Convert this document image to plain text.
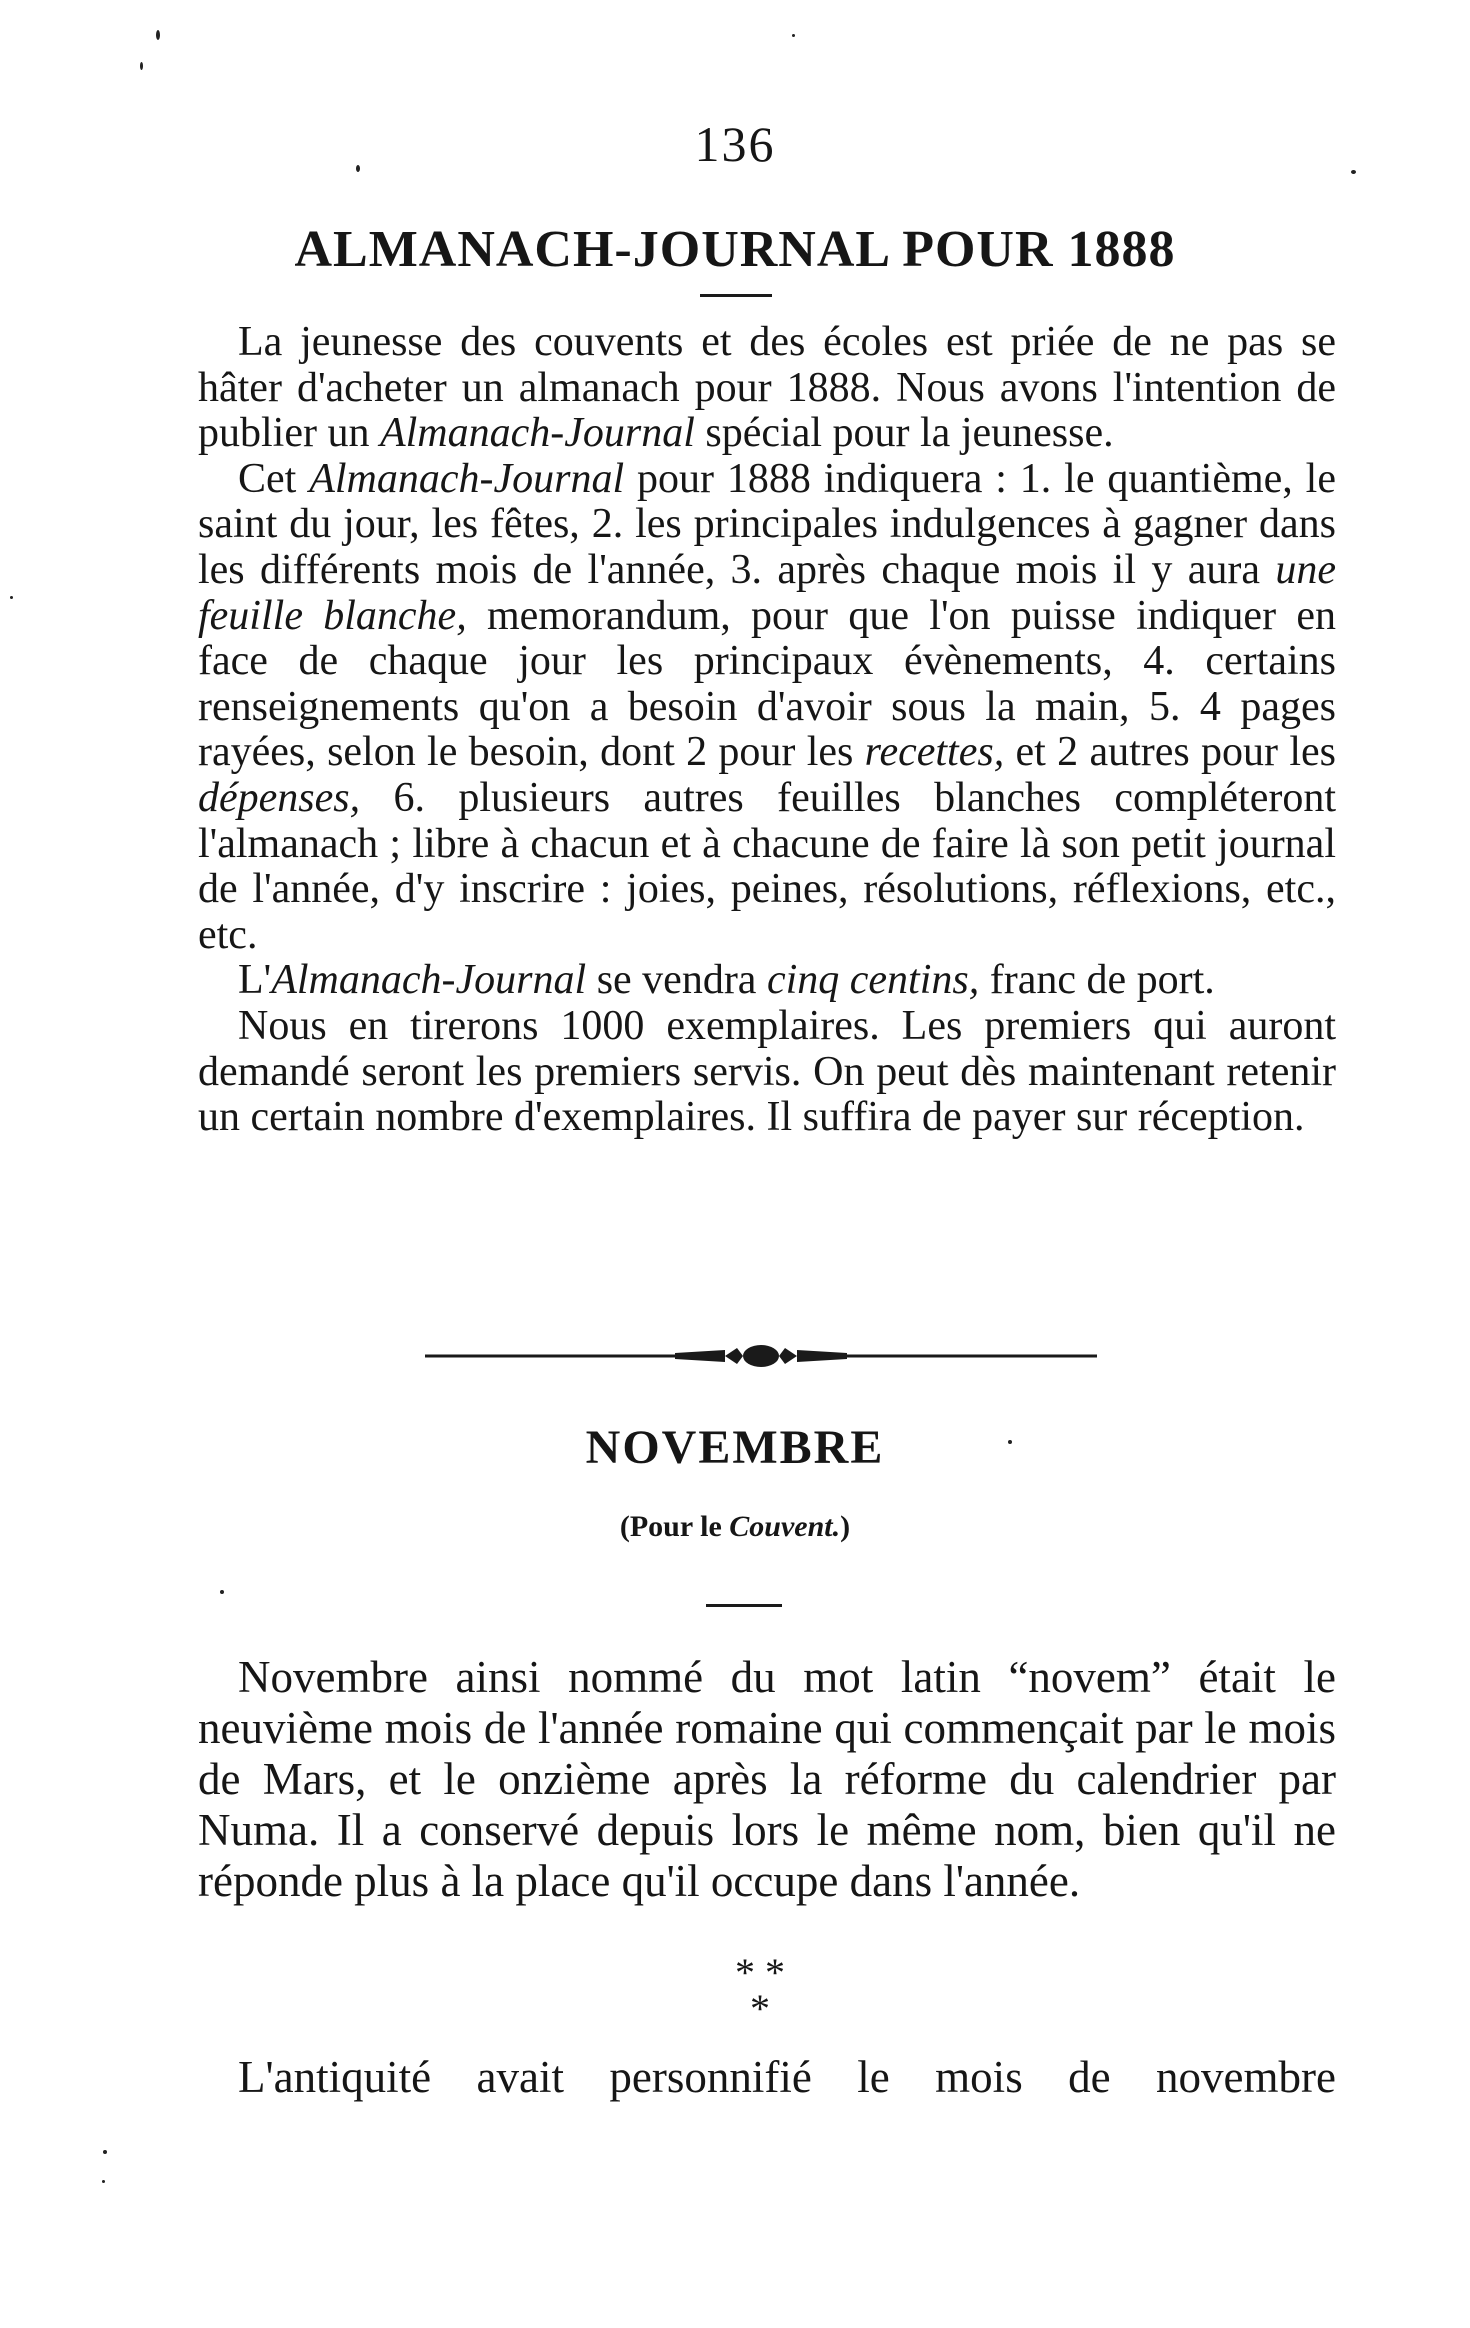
136
ALMANACH-JOURNAL POUR 1888

La jeunesse des couvents et des écoles est priée de ne pas se hâter d'acheter un almanach pour 1888. Nous avons l'intention de publier un Almanach-Journal spécial pour la jeunesse.

Cet Almanach-Journal pour 1888 indiquera : 1. le quantième, le saint du jour, les fêtes, 2. les principales indulgences à gagner dans les différents mois de l'année, 3. après chaque mois il y aura une feuille blanche, memorandum, pour que l'on puisse indiquer en face de chaque jour les principaux évènements, 4. certains renseignements qu'on a besoin d'avoir sous la main, 5. 4 pages rayées, selon le besoin, dont 2 pour les recettes, et 2 autres pour les dépenses, 6. plusieurs autres feuilles blanches compléteront l'almanach ; libre à chacun et à chacune de faire là son petit journal de l'année, d'y inscrire : joies, peines, résolutions, réflexions, etc., etc.

L'Almanach-Journal se vendra cinq centins, franc de port.

Nous en tirerons 1000 exemplaires. Les premiers qui auront demandé seront les premiers servis. On peut dès maintenant retenir un certain nombre d'exemplaires. Il suffira de payer sur réception.

NOVEMBRE
(Pour le Couvent.)

Novembre ainsi nommé du mot latin “novem” était le neuvième mois de l'année romaine qui commençait par le mois de Mars, et le onzième après la réforme du calendrier par Numa. Il a conservé depuis lors le même nom, bien qu'il ne réponde plus à la place qu'il occupe dans l'année.

* *
*
L'antiquité avait personnifié le mois de novembre
